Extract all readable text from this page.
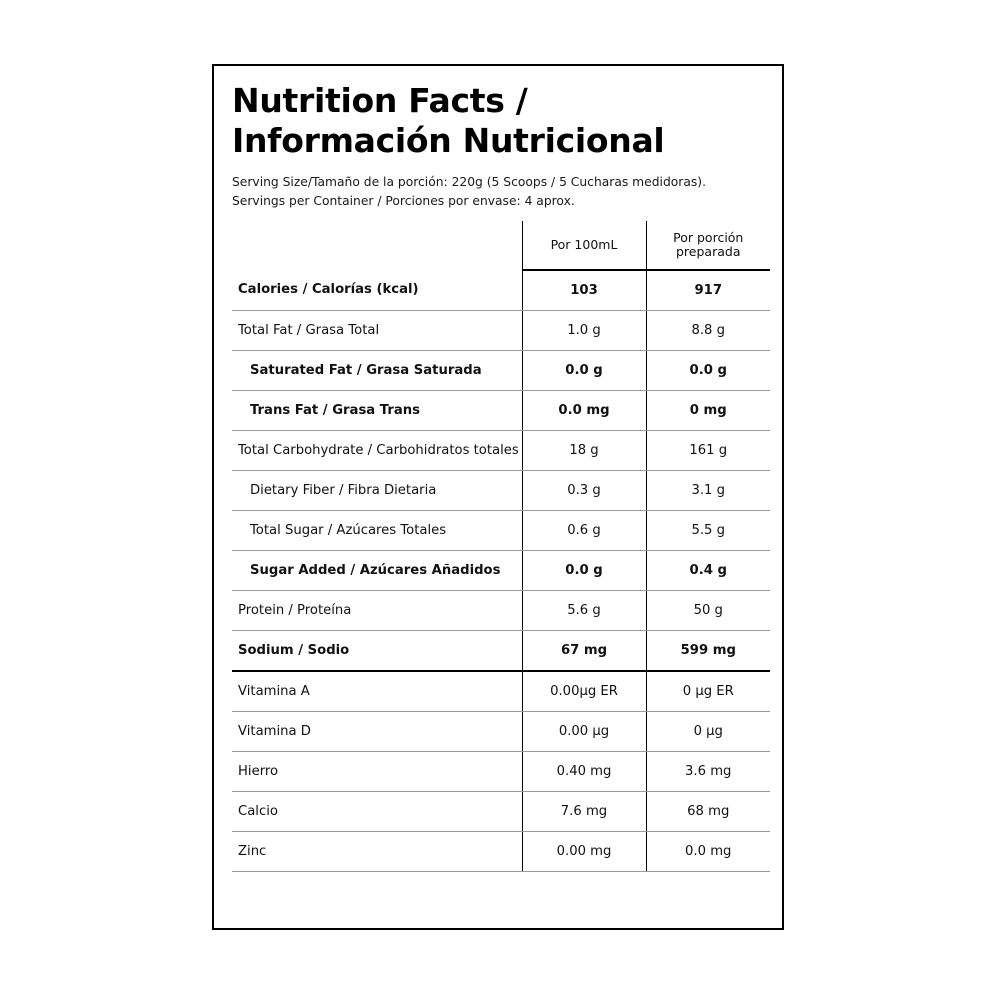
Nutrition Facts /
Información Nutricional
Serving Size/Tamaño de la porción: 220g (5 Scoops / 5 Cucharas medidoras).
Servings per Container / Porciones por envase: 4 aprox.
	Por 100mL	Por porción
preparada

Calories / Calorías (kcal)	103	917
Total Fat / Grasa Total	1.0 g	8.8 g
Saturated Fat / Grasa Saturada	0.0 g	0.0 g
Trans Fat / Grasa Trans	0.0 mg	0 mg
Total Carbohydrate / Carbohidratos totales	18 g	161 g
Dietary Fiber / Fibra Dietaria	0.3 g	3.1 g
Total Sugar / Azúcares Totales	0.6 g	5.5 g
Sugar Added / Azúcares Añadidos	0.0 g	0.4 g
Protein / Proteína	5.6 g	50 g
Sodium / Sodio	67 mg	599 mg
Vitamina A	0.00µg ER	0 µg ER
Vitamina D	0.00 µg	0 µg
Hierro	0.40 mg	3.6 mg
Calcio	7.6 mg	68 mg
Zinc	0.00 mg	0.0 mg
